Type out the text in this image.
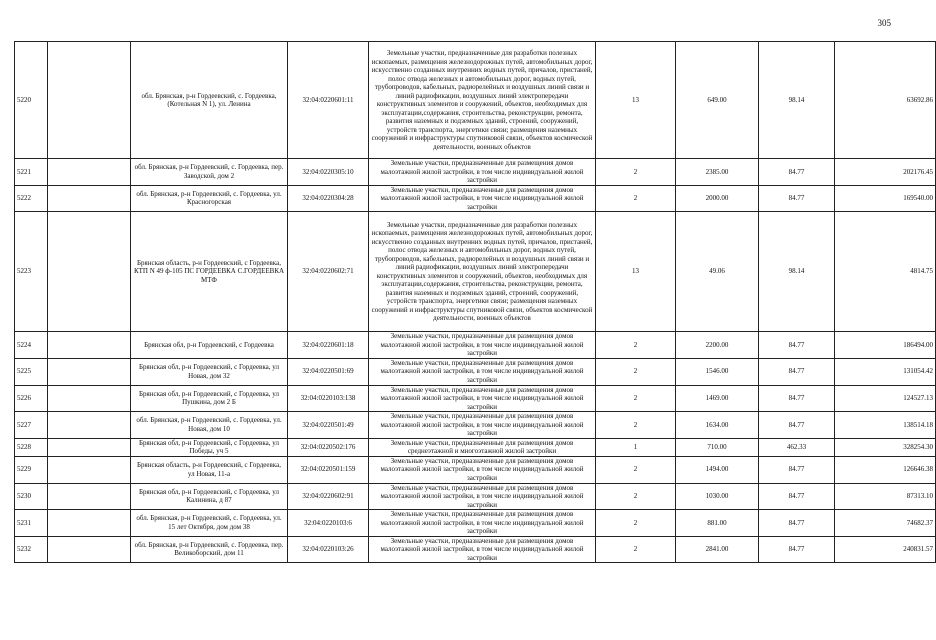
305
5220		обл. Брянская, р-н Гордеевский, с. Гордеевка, (Котельная N 1), ул. Ленина	32:04:0220601:11	Земельные участки, предназначенные для разработки полезных ископаемых, размещения железнодорожных путей, автомобильных дорог, искусственно созданных внутренних водных путей, причалов, пристаней, полос отвода железных и автомобильных дорог, водных путей, трубопроводов, кабельных, радиорелейных и воздушных линий связи и линий радиофикации, воздушных линий электропередачи конструктивных элементов и сооружений, объектов, необходимых для эксплуатации,содержания, строительства, реконструкции, ремонта, развития наземных и подземных зданий, строений, сооружений, устройств транспорта, энергетики связи; размещения наземных сооружений и инфраструктуры спутниковой связи, объектов космической деятельности, военных объектов	13	649.00	98.14	63692.86
5221		обл. Брянская, р-н Гордеевский, с. Гордеевка, пер. Заводской, дом 2	32:04:0220305:10	Земельные участки, предназначенные для размещения домов малоэтажной жилой застройки, в том числе индивидуальной жилой застройки	2	2385.00	84.77	202176.45
5222		обл. Брянская, р-н Гордеевский, с. Гордеевка, ул. Красногорская	32:04:0220304:28	Земельные участки, предназначенные для размещения домов малоэтажной жилой застройки, в том числе индивидуальной жилой застройки	2	2000.00	84.77	169540.00
5223		Брянская область, р-н Гордеевский, с Гордеевка, КТП N 49 ф-105 ПС ГОРДЕЕВКА С.ГОРДЕЕВКА МТФ	32:04:0220602:71	Земельные участки, предназначенные для разработки полезных ископаемых, размещения железнодорожных путей, автомобильных дорог, искусственно созданных внутренних водных путей, причалов, пристаней, полос отвода железных и автомобильных дорог, водных путей, трубопроводов, кабельных, радиорелейных и воздушных линий связи и линий радиофикации, воздушных линий электропередачи конструктивных элементов и сооружений, объектов, необходимых для эксплуатации,содержания, строительства, реконструкции, ремонта, развития наземных и подземных зданий, строений, сооружений, устройств транспорта, энергетики связи; размещения наземных сооружений и инфраструктуры спутниковой связи, объектов космической деятельности, военных объектов	13	49.06	98.14	4814.75
5224		Брянская обл, р-н Гордеевский, с Гордеевка	32:04:0220601:18	Земельные участки, предназначенные для размещения домов малоэтажной жилой застройки, в том числе индивидуальной жилой застройки	2	2200.00	84.77	186494.00
5225		Брянская обл, р-н Гордеевский, с Гордеевка, ул Новая, дом 32	32:04:0220501:69	Земельные участки, предназначенные для размещения домов малоэтажной жилой застройки, в том числе индивидуальной жилой застройки	2	1546.00	84.77	131054.42
5226		Брянская обл, р-н Гордеевский, с Гордеевка, ул Пушкина, дом 2 Б	32:04:0220103:138	Земельные участки, предназначенные для размещения домов малоэтажной жилой застройки, в том числе индивидуальной жилой застройки	2	1469.00	84.77	124527.13
5227		обл. Брянская, р-н Гордеевский, с. Гордеевка, ул. Новая, дом 10	32:04:0220501:49	Земельные участки, предназначенные для размещения домов малоэтажной жилой застройки, в том числе индивидуальной жилой застройки	2	1634.00	84.77	138514.18
5228		Брянская обл, р-н Гордеевский, с Гордеевка, ул Победы, уч 5	32:04:0220502:176	Земельные участки, предназначенные для размещения домов среднеэтажной и многоэтажной жилой застройки	1	710.00	462.33	328254.30
5229		Брянская область, р-н Гордеевский, с Гордеевка, ул Новая, 11-а	32:04:0220501:159	Земельные участки, предназначенные для размещения домов малоэтажной жилой застройки, в том числе индивидуальной жилой застройки	2	1494.00	84.77	126646.38
5230		Брянская обл, р-н Гордеевский, с Гордеевка, ул Калинина, д 87	32:04:0220602:91	Земельные участки, предназначенные для размещения домов малоэтажной жилой застройки, в том числе индивидуальной жилой застройки	2	1030.00	84.77	87313.10
5231		обл. Брянская, р-н Гордеевский, с. Гордеевка, ул. 15 лет Октября, дом дом 38	32:04:0220103:6	Земельные участки, предназначенные для размещения домов малоэтажной жилой застройки, в том числе индивидуальной жилой застройки	2	881.00	84.77	74682.37
5232		обл. Брянская, р-н Гордеевский, с. Гордеевка, пер. Великоборский, дом 11	32:04:0220103:26	Земельные участки, предназначенные для размещения домов малоэтажной жилой застройки, в том числе индивидуальной жилой застройки	2	2841.00	84.77	240831.57
